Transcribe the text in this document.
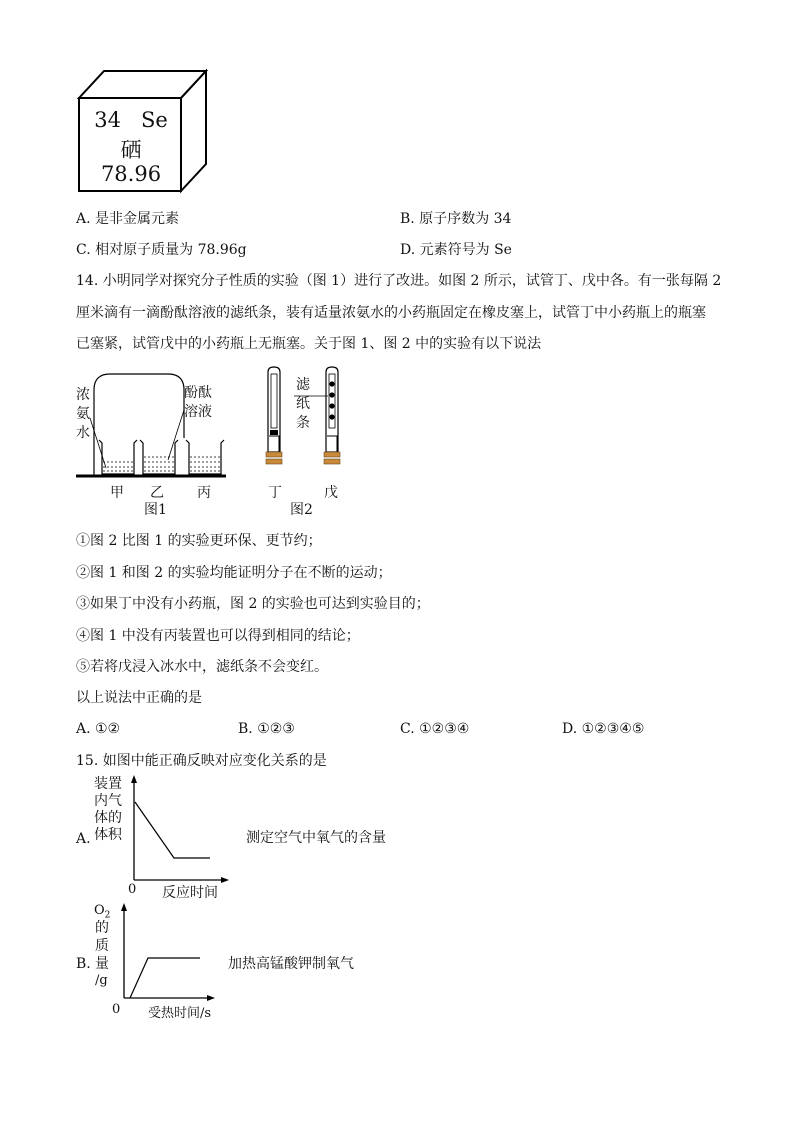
34   Se
硒
78.96
A. 是非金属元素	B. 原子序数为 34
C. 相对原子质量为 78.96g	D. 元素符号为 Se
14. 小明同学对探究分子性质的实验（图 1）进行了改进。如图 2 所示，试管丁、戊中各。有一张每隔 2
厘米滴有一滴酚酞溶液的滤纸条，装有适量浓氨水的小药瓶固定在橡皮塞上，试管丁中小药瓶上的瓶塞
已塞紧，试管戊中的小药瓶上无瓶塞。关于图 1、图 2 中的实验有以下说法
浓
氨
水
酚酞
溶液
甲 乙 丙
图1
滤
纸
条
丁	戊
图2
①图 2 比图 1 的实验更环保、更节约；
②图 1 和图 2 的实验均能证明分子在不断的运动；
③如果丁中没有小药瓶，图 2 的实验也可达到实验目的；
④图 1 中没有丙装置也可以得到相同的结论；
⑤若将戊浸入冰水中，滤纸条不会变红。
以上说法中正确的是
A. ①②	B. ①②③	C. ①②③④	D. ①②③④⑤
15. 如图中能正确反映对应变化关系的是
A.
装置
内气
体的
体积
0 反应时间
测定空气中氧气的含量
B.
$O_2$
的
质
量
/g
0 受热时间/s
加热高锰酸钾制氧气
